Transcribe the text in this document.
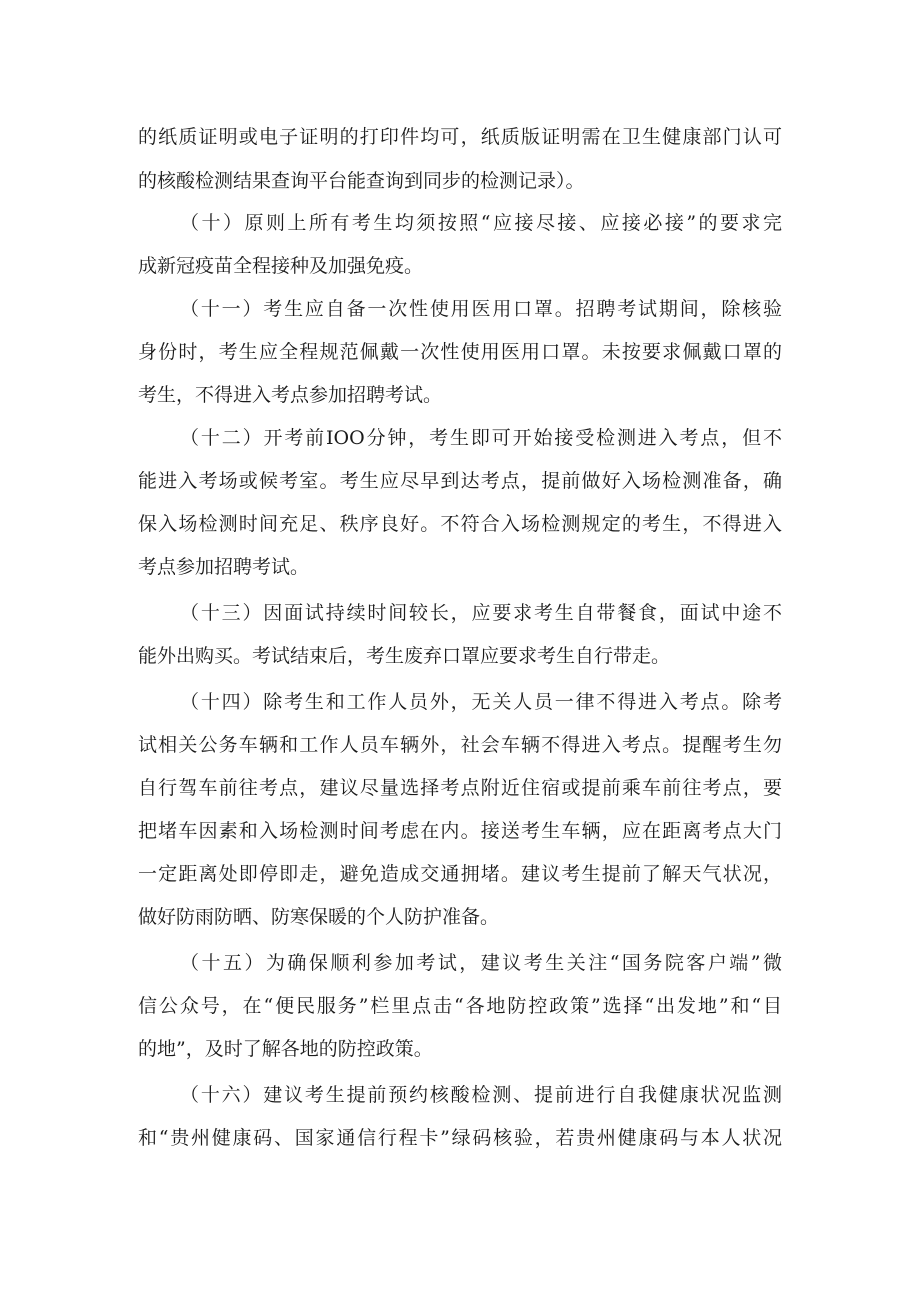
的纸质证明或电子证明的打印件均可，纸质版证明需在卫生健康部门认可
的核酸检测结果查询平台能查询到同步的检测记录）。
（十）原则上所有考生均须按照“应接尽接、应接必接”的要求完
成新冠疫苗全程接种及加强免疫。
（十一）考生应自备一次性使用医用口罩。招聘考试期间，除核验
身份时，考生应全程规范佩戴一次性使用医用口罩。未按要求佩戴口罩的
考生，不得进入考点参加招聘考试。
（十二）开考前IOO分钟，考生即可开始接受检测进入考点，但不
能进入考场或候考室。考生应尽早到达考点，提前做好入场检测准备，确
保入场检测时间充足、秩序良好。不符合入场检测规定的考生，不得进入
考点参加招聘考试。
（十三）因面试持续时间较长，应要求考生自带餐食，面试中途不
能外出购买。考试结束后，考生废弃口罩应要求考生自行带走。
（十四）除考生和工作人员外，无关人员一律不得进入考点。除考
试相关公务车辆和工作人员车辆外，社会车辆不得进入考点。提醒考生勿
自行驾车前往考点，建议尽量选择考点附近住宿或提前乘车前往考点，要
把堵车因素和入场检测时间考虑在内。接送考生车辆，应在距离考点大门
一定距离处即停即走，避免造成交通拥堵。建议考生提前了解天气状况，
做好防雨防晒、防寒保暖的个人防护准备。
（十五）为确保顺利参加考试，建议考生关注“国务院客户端”微
信公众号，在“便民服务”栏里点击“各地防控政策”选择“出发地”和“目
的地”，及时了解各地的防控政策。
（十六）建议考生提前预约核酸检测、提前进行自我健康状况监测
和“贵州健康码、国家通信行程卡”绿码核验，若贵州健康码与本人状况
